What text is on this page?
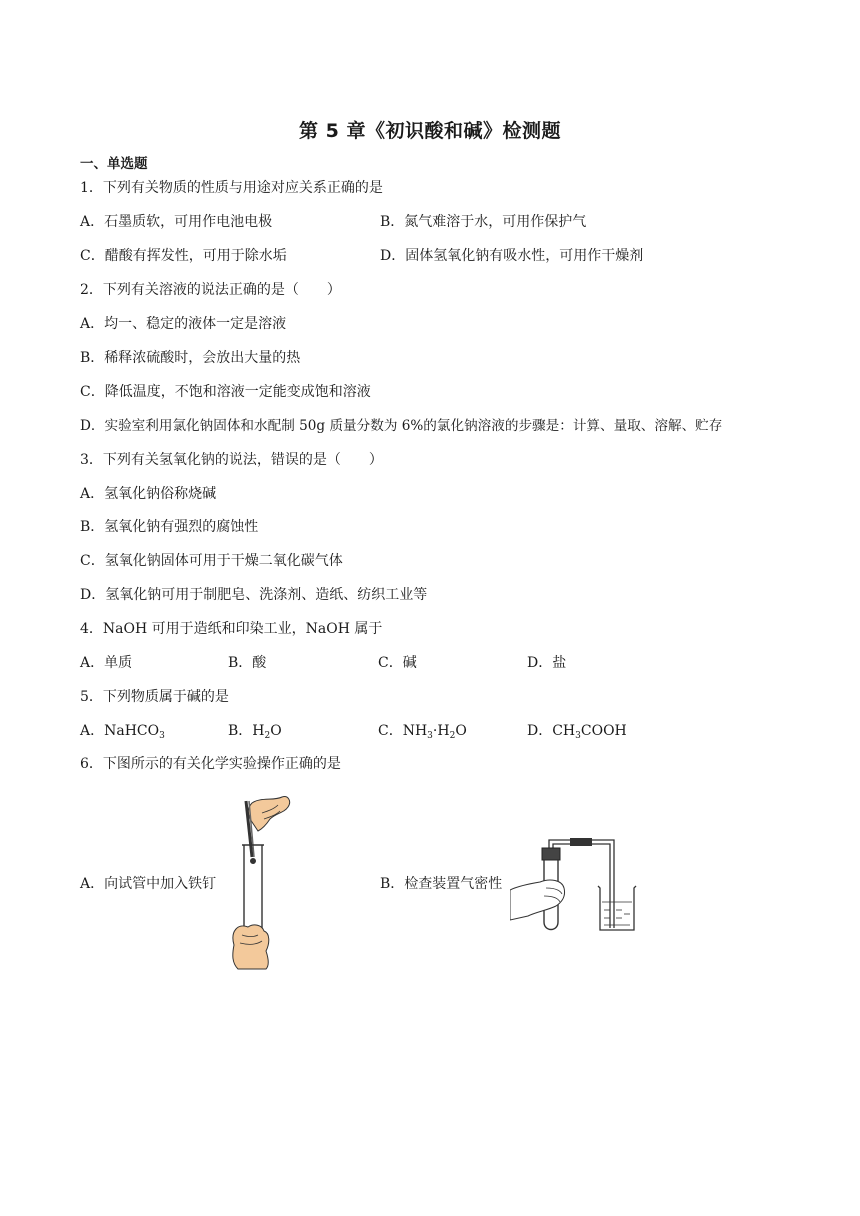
第 5 章《初识酸和碱》检测题
一、单选题
1．下列有关物质的性质与用途对应关系正确的是
A．石墨质软，可用作电池电极	B．氮气难溶于水，可用作保护气
C．醋酸有挥发性，可用于除水垢	D．固体氢氧化钠有吸水性，可用作干燥剂
2．下列有关溶液的说法正确的是（　　）
A．均一、稳定的液体一定是溶液
B．稀释浓硫酸时，会放出大量的热
C．降低温度，不饱和溶液一定能变成饱和溶液
D．实验室利用氯化钠固体和水配制 50g 质量分数为 6%的氯化钠溶液的步骤是：计算、量取、溶解、贮存
3．下列有关氢氧化钠的说法，错误的是（　　）
A．氢氧化钠俗称烧碱
B．氢氧化钠有强烈的腐蚀性
C．氢氧化钠固体可用于干燥二氧化碳气体
D．氢氧化钠可用于制肥皂、洗涤剂、造纸、纺织工业等
4．NaOH 可用于造纸和印染工业，NaOH 属于
A．单质	B．酸	C．碱	D．盐
5．下列物质属于碱的是
A．NaHCO$_3$	B．$H_2O$	C．$NH_3\cdot H_2O$	D．$CH_3COOH$
6．下图所示的有关化学实验操作正确的是
A．向试管中加入铁钉	B．检查装置气密性
